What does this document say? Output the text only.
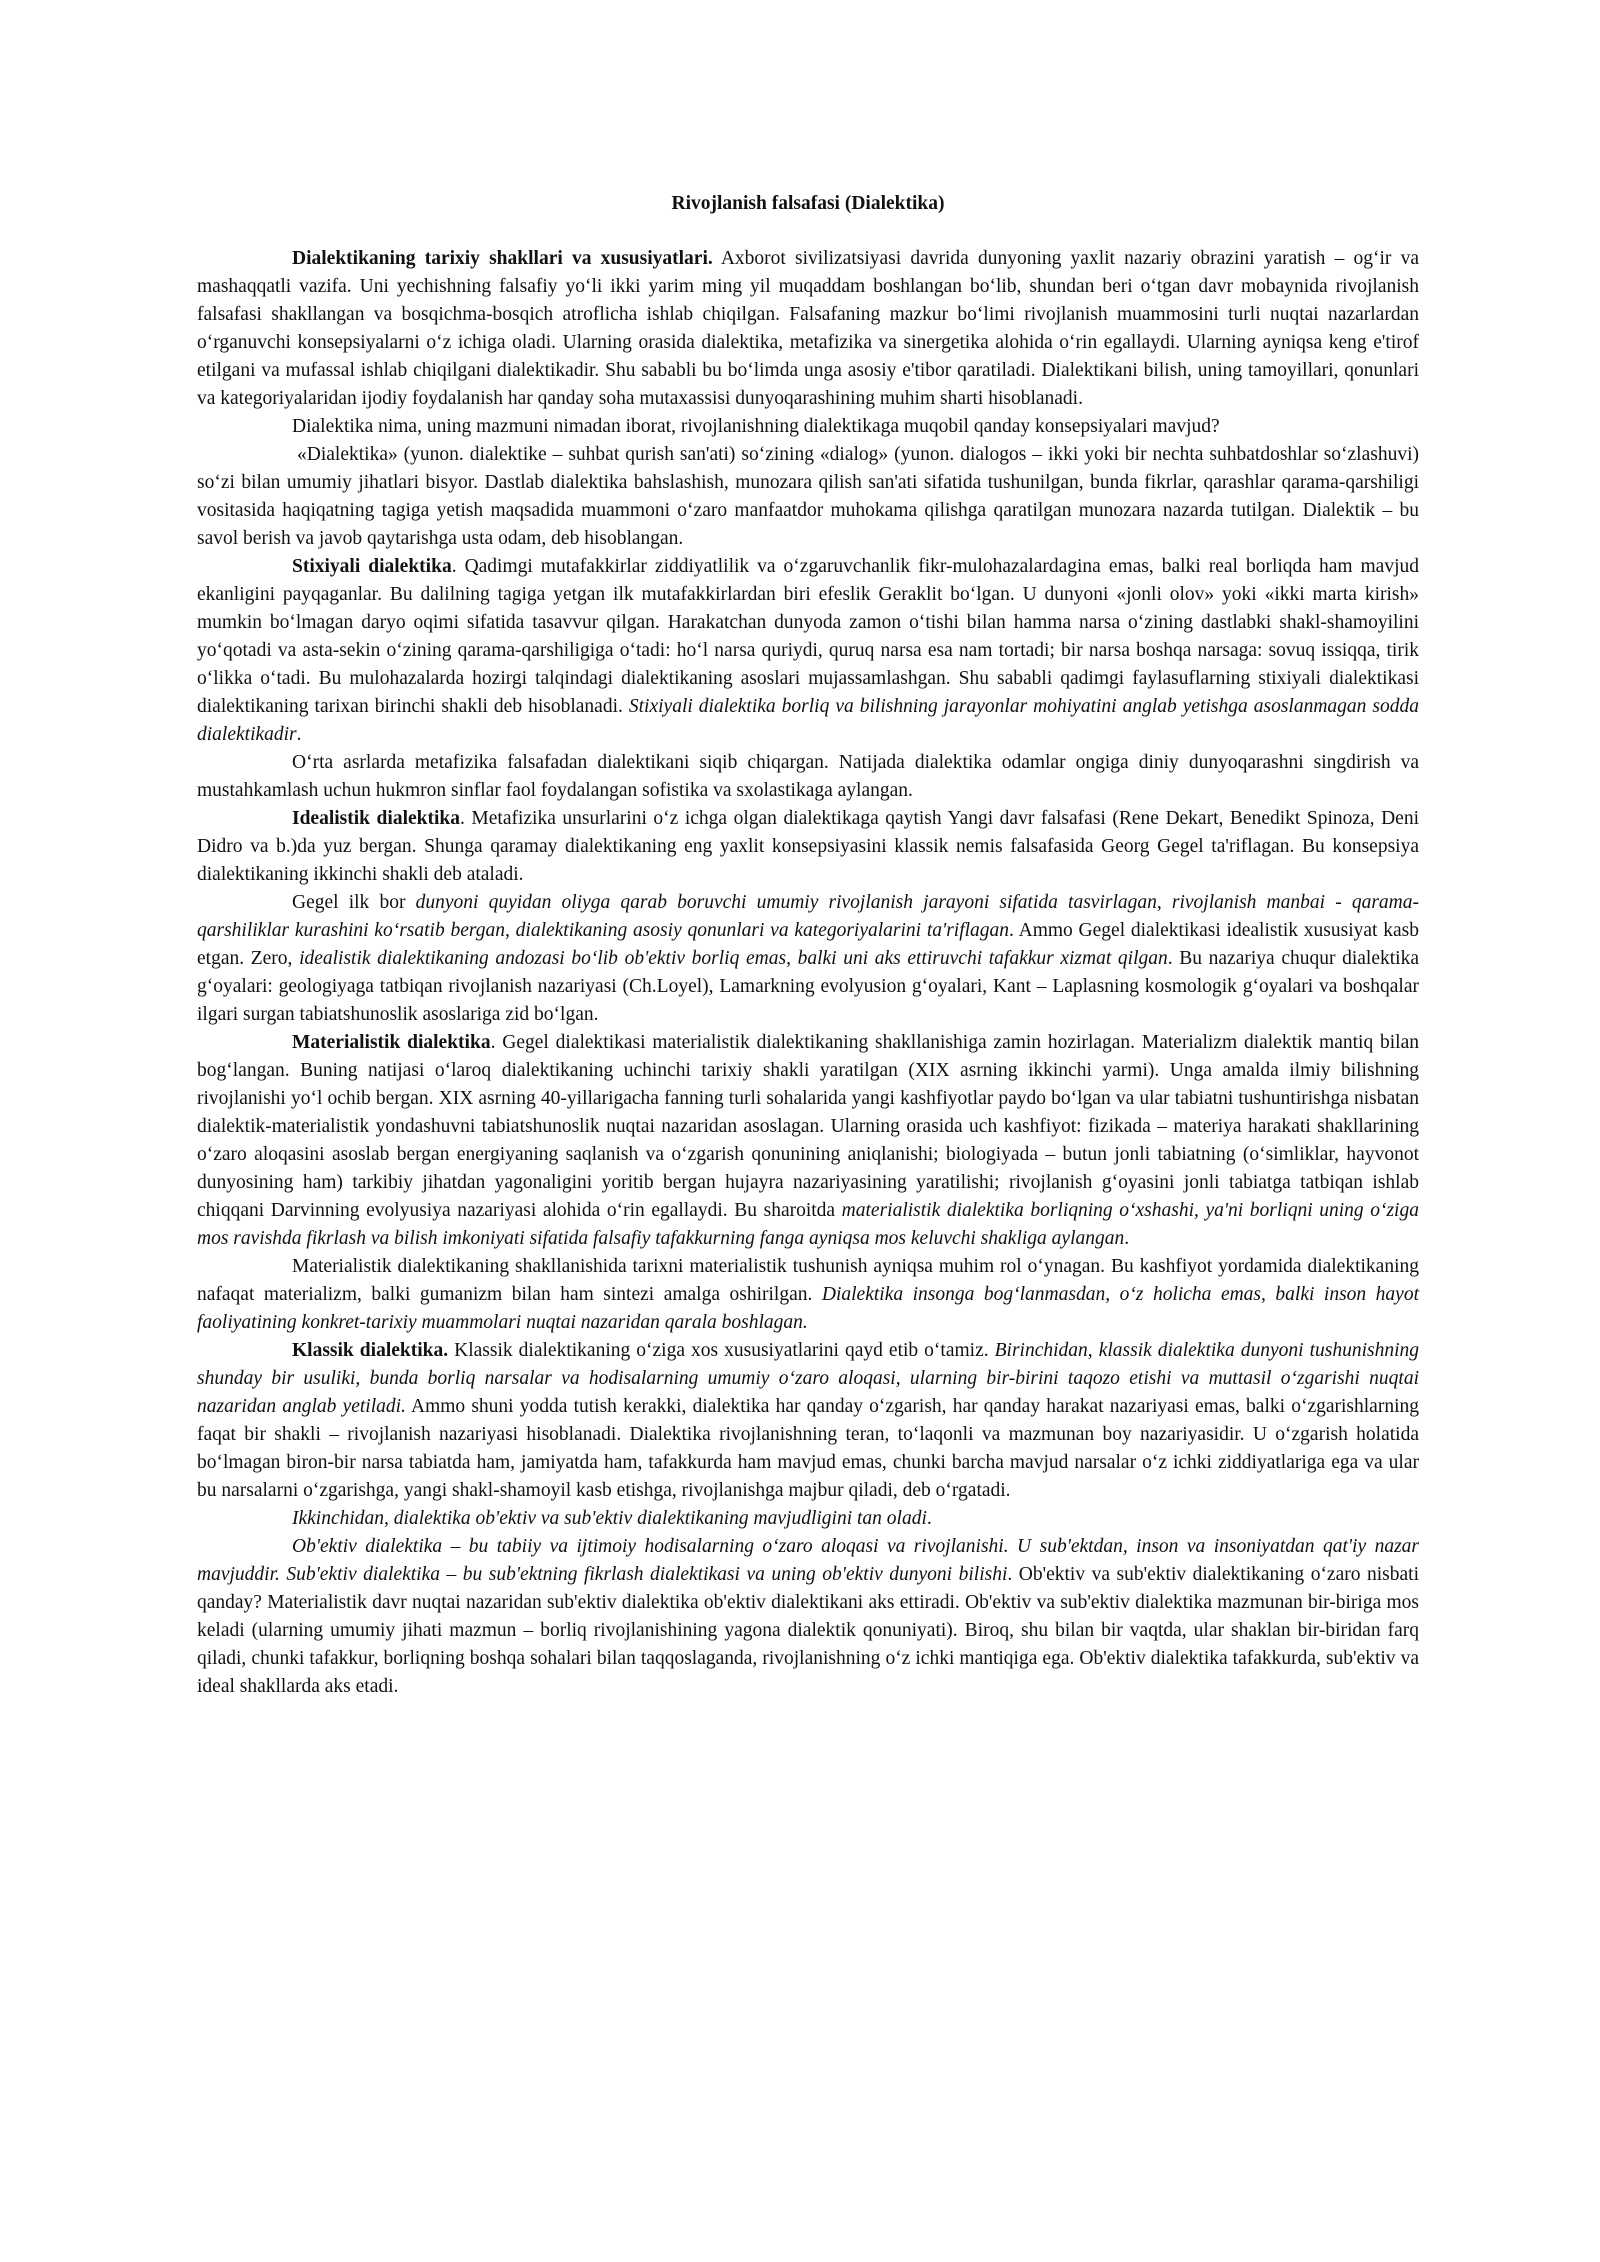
Rivojlanish falsafasi (Dialektika)

Dialektikaning tarixiy shakllari va xususiyatlari. Axborot sivilizatsiyasi davrida dunyoning yaxlit nazariy obrazini yaratish – ogʻir va mashaqqatli vazifa. Uni yechishning falsafiy yoʻli ikki yarim ming yil muqaddam boshlangan boʻlib, shundan beri oʻtgan davr mobaynida rivojlanish falsafasi shakllangan va bosqichma-bosqich atroflicha ishlab chiqilgan. Falsafaning mazkur boʻlimi rivojlanish muammosini turli nuqtai nazarlardan oʻrganuvchi konsepsiyalarni oʻz ichiga oladi. Ularning orasida dialektika, metafizika va sinergetika alohida oʻrin egallaydi. Ularning ayniqsa keng e'tirof etilgani va mufassal ishlab chiqilgani dialektikadir. Shu sababli bu boʻlimda unga asosiy e'tibor qaratiladi. Dialektikani bilish, uning tamoyillari, qonunlari va kategoriyalaridan ijodiy foydalanish har qanday soha mutaxassisi dunyoqarashining muhim sharti hisoblanadi.

Dialektika nima, uning mazmuni nimadan iborat, rivojlanishning dialektikaga muqobil qanday konsepsiyalari mavjud?

«Dialektika» (yunon. dialektike – suhbat qurish san'ati) soʻzining «dialog» (yunon. dialogos – ikki yoki bir nechta suhbatdoshlar soʻzlashuvi) soʻzi bilan umumiy jihatlari bisyor. Dastlab dialektika bahslashish, munozara qilish san'ati sifatida tushunilgan, bunda fikrlar, qarashlar qarama-qarshiligi vositasida haqiqatning tagiga yetish maqsadida muammoni oʻzaro manfaatdor muhokama qilishga qaratilgan munozara nazarda tutilgan. Dialektik – bu savol berish va javob qaytarishga usta odam, deb hisoblangan.

Stixiyali dialektika. Qadimgi mutafakkirlar ziddiyatlilik va oʻzgaruvchanlik fikr-mulohazalardagina emas, balki real borliqda ham mavjud ekanligini payqaganlar. Bu dalilning tagiga yetgan ilk mutafakkirlardan biri efeslik Geraklit boʻlgan. U dunyoni «jonli olov» yoki «ikki marta kirish» mumkin boʻlmagan daryo oqimi sifatida tasavvur qilgan. Harakatchan dunyoda zamon oʻtishi bilan hamma narsa oʻzining dastlabki shakl-shamoyilini yoʻqotadi va asta-sekin oʻzining qarama-qarshiligiga oʻtadi: hoʻl narsa quriydi, quruq narsa esa nam tortadi; bir narsa boshqa narsaga: sovuq issiqqa, tirik oʻlikka oʻtadi. Bu mulohazalarda hozirgi talqindagi dialektikaning asoslari mujassamlashgan. Shu sababli qadimgi faylasuflarning stixiyali dialektikasi dialektikaning tarixan birinchi shakli deb hisoblanadi. Stixiyali dialektika borliq va bilishning jarayonlar mohiyatini anglab yetishga asoslanmagan sodda dialektikadir.

Oʻrta asrlarda metafizika falsafadan dialektikani siqib chiqargan. Natijada dialektika odamlar ongiga diniy dunyoqarashni singdirish va mustahkamlash uchun hukmron sinflar faol foydalangan sofistika va sxolastikaga aylangan.

Idealistik dialektika. Metafizika unsurlarini oʻz ichga olgan dialektikaga qaytish Yangi davr falsafasi (Rene Dekart, Benedikt Spinoza, Deni Didro va b.)da yuz bergan. Shunga qaramay dialektikaning eng yaxlit konsepsiyasini klassik nemis falsafasida Georg Gegel ta'riflagan. Bu konsepsiya dialektikaning ikkinchi shakli deb ataladi.

Gegel ilk bor dunyoni quyidan oliyga qarab boruvchi umumiy rivojlanish jarayoni sifatida tasvirlagan, rivojlanish manbai - qarama-qarshiliklar kurashini koʻrsatib bergan, dialektikaning asosiy qonunlari va kategoriyalarini ta'riflagan. Ammo Gegel dialektikasi idealistik xususiyat kasb etgan. Zero, idealistik dialektikaning andozasi boʻlib ob'ektiv borliq emas, balki uni aks ettiruvchi tafakkur xizmat qilgan. Bu nazariya chuqur dialektika gʻoyalari: geologiyaga tatbiqan rivojlanish nazariyasi (Ch.Loyel), Lamarkning evolyusion gʻoyalari, Kant – Laplasning kosmologik gʻoyalari va boshqalar ilgari surgan tabiatshunoslik asoslariga zid boʻlgan.

Materialistik dialektika. Gegel dialektikasi materialistik dialektikaning shakllanishiga zamin hozirlagan. Materializm dialektik mantiq bilan bogʻlangan. Buning natijasi oʻlaroq dialektikaning uchinchi tarixiy shakli yaratilgan (XIX asrning ikkinchi yarmi). Unga amalda ilmiy bilishning rivojlanishi yoʻl ochib bergan. XIX asrning 40-yillarigacha fanning turli sohalarida yangi kashfiyotlar paydo boʻlgan va ular tabiatni tushuntirishga nisbatan dialektik-materialistik yondashuvni tabiatshunoslik nuqtai nazaridan asoslagan. Ularning orasida uch kashfiyot: fizikada – materiya harakati shakllarining oʻzaro aloqasini asoslab bergan energiyaning saqlanish va oʻzgarish qonunining aniqlanishi; biologiyada – butun jonli tabiatning (oʻsimliklar, hayvonot dunyosining ham) tarkibiy jihatdan yagonaligini yoritib bergan hujayra nazariyasining yaratilishi; rivojlanish gʻoyasini jonli tabiatga tatbiqan ishlab chiqqani Darvinning evolyusiya nazariyasi alohida oʻrin egallaydi. Bu sharoitda materialistik dialektika borliqning oʻxshashi, ya'ni borliqni uning oʻziga mos ravishda fikrlash va bilish imkoniyati sifatida falsafiy tafakkurning fanga ayniqsa mos keluvchi shakliga aylangan.

Materialistik dialektikaning shakllanishida tarixni materialistik tushunish ayniqsa muhim rol oʻynagan. Bu kashfiyot yordamida dialektikaning nafaqat materializm, balki gumanizm bilan ham sintezi amalga oshirilgan. Dialektika insonga bogʻlanmasdan, oʻz holicha emas, balki inson hayot faoliyatining konkret-tarixiy muammolari nuqtai nazaridan qarala boshlagan.

Klassik dialektika. Klassik dialektikaning oʻziga xos xususiyatlarini qayd etib oʻtamiz. Birinchidan, klassik dialektika dunyoni tushunishning shunday bir usuliki, bunda borliq narsalar va hodisalarning umumiy oʻzaro aloqasi, ularning bir-birini taqozo etishi va muttasil oʻzgarishi nuqtai nazaridan anglab yetiladi. Ammo shuni yodda tutish kerakki, dialektika har qanday oʻzgarish, har qanday harakat nazariyasi emas, balki oʻzgarishlarning faqat bir shakli – rivojlanish nazariyasi hisoblanadi. Dialektika rivojlanishning teran, toʻlaqonli va mazmunan boy nazariyasidir. U oʻzgarish holatida boʻlmagan biron-bir narsa tabiatda ham, jamiyatda ham, tafakkurda ham mavjud emas, chunki barcha mavjud narsalar oʻz ichki ziddiyatlariga ega va ular bu narsalarni oʻzgarishga, yangi shakl-shamoyil kasb etishga, rivojlanishga majbur qiladi, deb oʻrgatadi.

Ikkinchidan, dialektika ob'ektiv va sub'ektiv dialektikaning mavjudligini tan oladi.

Ob'ektiv dialektika – bu tabiiy va ijtimoiy hodisalarning oʻzaro aloqasi va rivojlanishi. U sub'ektdan, inson va insoniyatdan qat'iy nazar mavjuddir. Sub'ektiv dialektika – bu sub'ektning fikrlash dialektikasi va uning ob'ektiv dunyoni bilishi. Ob'ektiv va sub'ektiv dialektikaning oʻzaro nisbati qanday? Materialistik davr nuqtai nazaridan sub'ektiv dialektika ob'ektiv dialektikani aks ettiradi. Ob'ektiv va sub'ektiv dialektika mazmunan bir-biriga mos keladi (ularning umumiy jihati mazmun – borliq rivojlanishining yagona dialektik qonuniyati). Biroq, shu bilan bir vaqtda, ular shaklan bir-biridan farq qiladi, chunki tafakkur, borliqning boshqa sohalari bilan taqqoslaganda, rivojlanishning oʻz ichki mantiqiga ega. Ob'ektiv dialektika tafakkurda, sub'ektiv va ideal shakllarda aks etadi.
